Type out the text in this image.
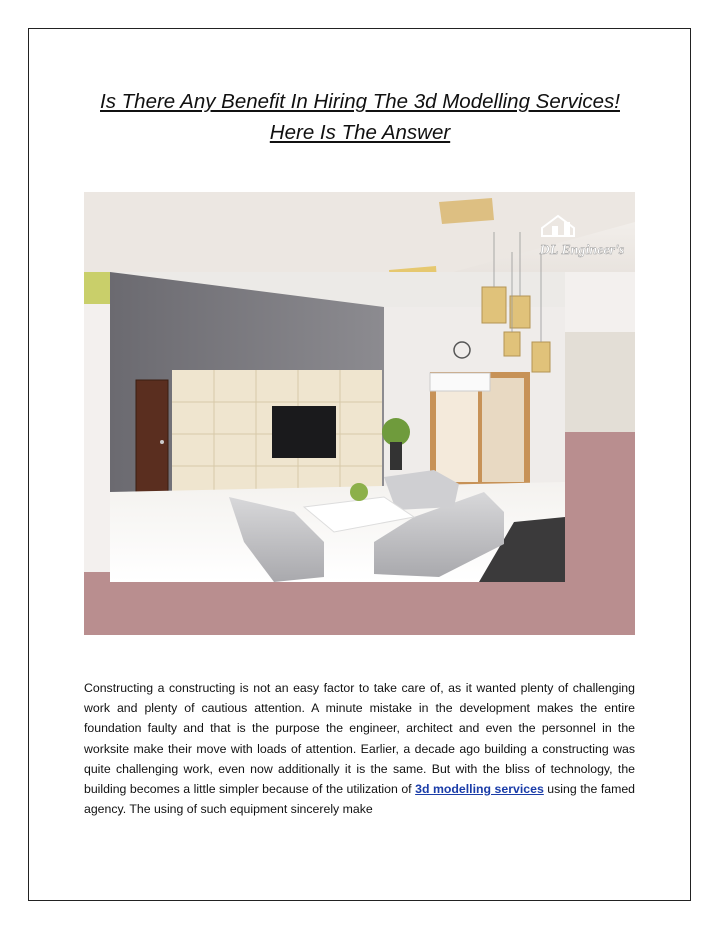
Is There Any Benefit In Hiring The 3d Modelling Services!
Here Is The Answer
DL Engineer's

Constructing a constructing is not an easy factor to take care of, as it wanted plenty of challenging work and plenty of cautious attention. A minute mistake in the development makes the entire foundation faulty and that is the purpose the engineer, architect and even the personnel in the worksite make their move with loads of attention. Earlier, a decade ago building a constructing was quite challenging work, even now additionally it is the same. But with the bliss of technology, the building becomes a little simpler because of the utilization of 3d modelling services using the famed agency. The using of such equipment sincerely make
